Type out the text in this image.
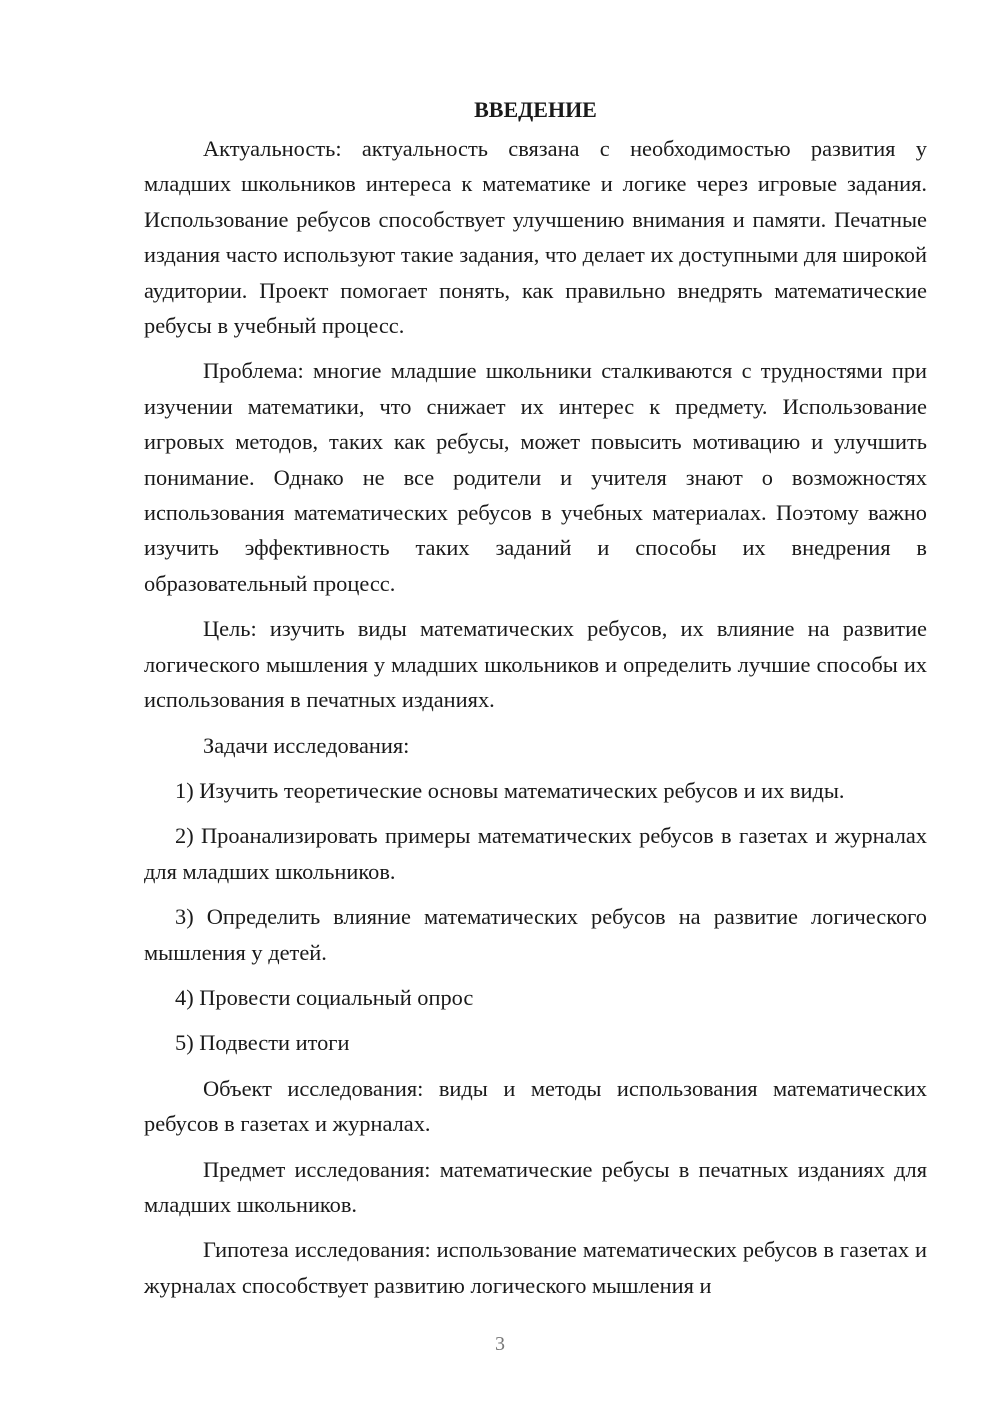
ВВЕДЕНИЕ

Актуальность: актуальность связана с необходимостью развития у младших школьников интереса к математике и логике через игровые задания. Использование ребусов способствует улучшению внимания и памяти. Печатные издания часто используют такие задания, что делает их доступными для широкой аудитории. Проект помогает понять, как правильно внедрять математические ребусы в учебный процесс.

Проблема: многие младшие школьники сталкиваются с трудностями при изучении математики, что снижает их интерес к предмету. Использование игровых методов, таких как ребусы, может повысить мотивацию и улучшить понимание. Однако не все родители и учителя знают о возможностях использования математических ребусов в учебных материалах. Поэтому важно изучить эффективность таких заданий и способы их внедрения в образовательный процесс.

Цель: изучить виды математических ребусов, их влияние на развитие логического мышления у младших школьников и определить лучшие способы их использования в печатных изданиях.

Задачи исследования:

1) Изучить теоретические основы математических ребусов и их виды.

2) Проанализировать примеры математических ребусов в газетах и журналах для младших школьников.

3) Определить влияние математических ребусов на развитие логического мышления у детей.

4) Провести социальный опрос

5) Подвести итоги

Объект исследования: виды и методы использования математических ребусов в газетах и журналах.

Предмет исследования: математические ребусы в печатных изданиях для младших школьников.

Гипотеза исследования: использование математических ребусов в газетах и журналах способствует развитию логического мышления и

3
